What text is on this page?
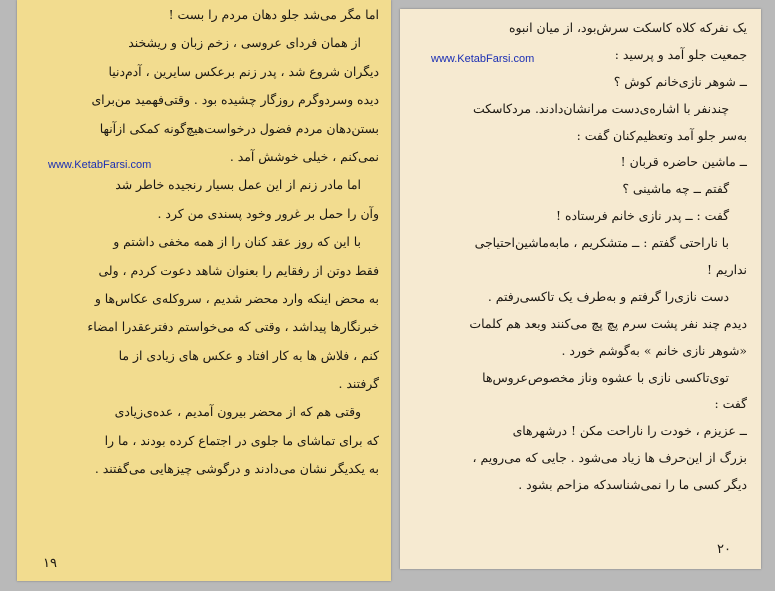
اما مگر می‌شد جلو دهان مردم را بست !
از همان فردای عروسی ، زخم زبان و ریشخند
دیگران شروع شد ، پدر زنم برعکس سایرین ، آدم‌دنیا
دیده وسردوگرم روزگار چشیده بود . وقتی‌فهمید من‌برای
بستن‌دهان مردم فضول درخواست‌هیچ‌گونه کمکی ازآنها
نمی‌کنم ، خیلی خوشش آمد .
اما مادر زنم از این عمل بسیار رنجیده خاطر شد
وآن را حمل بر غرور وخود پسندی من کرد .
با این که روز عقد کنان را از همه مخفی داشتم و
فقط دوتن از رفقایم را بعنوان شاهد دعوت کردم ، ولی
به محض اینکه وارد محضر شدیم ، سروکله‌ی عکاس‌ها و
خبرنگارها پیداشد ، وقتی که می‌خواستم دفترعقدرا امضاء
کنم ، فلاش ها به کار افتاد و عکس های زیادی از ما
گرفتند .
وقتی هم که از محضر بیرون آمدیم ، عده‌ی‌زیادی
که برای تماشای ما جلوی در اجتماع کرده بودند ، ما را
به یکدیگر نشان می‌دادند و درگوشی چیزهایی می‌گفتند .
www.KetabFarsi.com
۱۹
یک نفرکه کلاه کاسکت سرش‌بود، از میان انبوه
جمعیت جلو آمد و پرسید :
ــ شوهر نازی‌خانم کوش ؟
چندنفر با اشاره‌ی‌دست مرانشان‌دادند. مردکاسکت
به‌سر جلو آمد وتعظیم‌کنان گفت :
ــ ماشین حاضره قربان !
گفتم ــ چه ماشینی ؟
گفت : ــ پدر نازی خانم فرستاده !
با ناراحتی گفتم : ــ متشکریم ، مابه‌ماشین‌احتیاجی
نداریم !
دست نازی‌را گرفتم و به‌طرف یک تاکسی‌رفتم .
دیدم چند نفر پشت سرم پچ پچ می‌کنند وبعد هم کلمات
«شوهر نازی خانم » به‌گوشم خورد .
توی‌تاکسی نازی با عشوه وناز مخصوص‌عروس‌ها
گفت :
ــ عزیزم ، خودت را ناراحت مکن ! درشهرهای
بزرگ از این‌حرف ها زیاد می‌شود . جایی که می‌رویم ،
دیگر کسی ما را نمی‌شناسدکه مزاحم بشود .
www.KetabFarsi.com
۲۰
